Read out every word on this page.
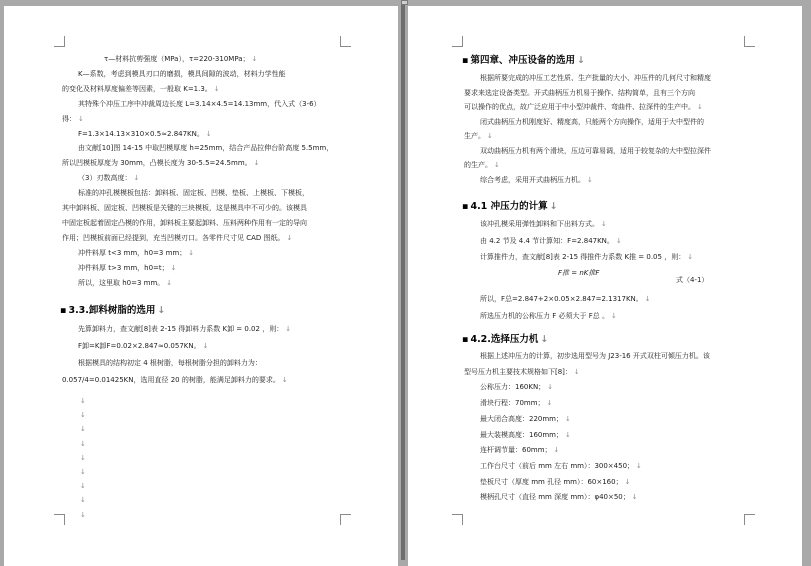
τ—材料抗剪强度（MPa），τ=220-310MPa； ↓
K—系数，考虑到模具刃口的磨损，模具间隙的波动，材料力学性能
的变化及材料厚度偏差等因素，一般取 K=1.3。 ↓
其特殊个冲压工序中冲裁周边长度 L=3.14×4.5=14.13mm，代入式（3-6）
得： ↓
F=1.3×14.13×310×0.5≈2.847KN。 ↓
由文献[10]图 14-15 中取凹模厚度 h=25mm，结合产品拉伸台阶高度 5.5mm，
所以凹模板厚度为 30mm，凸模长度为 30-5.5=24.5mm。 ↓
（3）刃数高度： ↓
标准的冲孔模模板包括：卸料板、固定板、凹模、垫板、上模板、下模板，
其中卸料板、固定板、凹模板是关键的三块模板，这是模具中不可少的。该模具
中固定板起着固定凸模的作用，卸料板主要起卸料、压料两种作用有一定的导向
作用；凹模板前面已经提到，充当凹模刃口。各零件尺寸见 CAD 图纸。 ↓
冲件料厚 t<3 mm，h0=3 mm； ↓
冲件料厚 t>3 mm，h0=t； ↓
所以，这里取 h0=3 mm。 ↓
▪ 3.3.卸料树脂的选用 ↓
先算卸料力，查文献[8]表 2-15 得卸料力系数 K卸 = 0.02 ，则： ↓
F卸=K卸F=0.02×2.847≈0.057KN。 ↓
根据模具的结构初定 4 根树脂，每根树脂分担的卸料力为：
0.057/4=0.01425KN，选用直径 20 的树脂，能满足卸料力的要求。 ↓
↓
↓
↓
↓
↓
↓
↓
↓
↓
▪ 第四章、冲压设备的选用 ↓
根据所要完成的冲压工艺性质、生产批量的大小、冲压件的几何尺寸和精度
要求来选定设备类型。开式曲柄压力机易于操作、结构简单，且有三个方向
可以操作的优点，故广泛应用于中小型冲裁件、弯曲件、拉深件的生产中。 ↓
闭式曲柄压力机刚度好、精度高，只能两个方向操作，适用于大中型件的
生产。 ↓
双动曲柄压力机有两个滑块，压边可靠易调，适用于较复杂的大中型拉深件
的生产。 ↓
综合考虑，采用开式曲柄压力机。 ↓
▪ 4.1 冲压力的计算 ↓
该冲孔模采用弹性卸料和下出料方式。 ↓
由 4.2 节及 4.4 节计算知：F=2.847KN。 ↓
计算推件力，查文献[8]表 2-15 得推件力系数 K推 = 0.05 ，则： ↓
F推 = nK推F
式（4-1）
所以，F总=2.847+2×0.05×2.847=2.1317KN。 ↓
所选压力机的公称压力 F 必须大于 F总 。 ↓
▪ 4.2.选择压力机 ↓
根据上述冲压力的计算，初步选用型号为 J23-16 开式双柱可倾压力机。该
型号压力机主要技术规格如下[8]： ↓
公称压力：160KN； ↓
滑块行程：70mm； ↓
最大闭合高度：220mm； ↓
最大装模高度：160mm； ↓
连杆调节量：60mm； ↓
工作台尺寸（前后 mm 左右 mm）：300×450； ↓
垫板尺寸（厚度 mm 孔径 mm）：60×160； ↓
模柄孔尺寸（直径 mm 深度 mm）：φ40×50； ↓
